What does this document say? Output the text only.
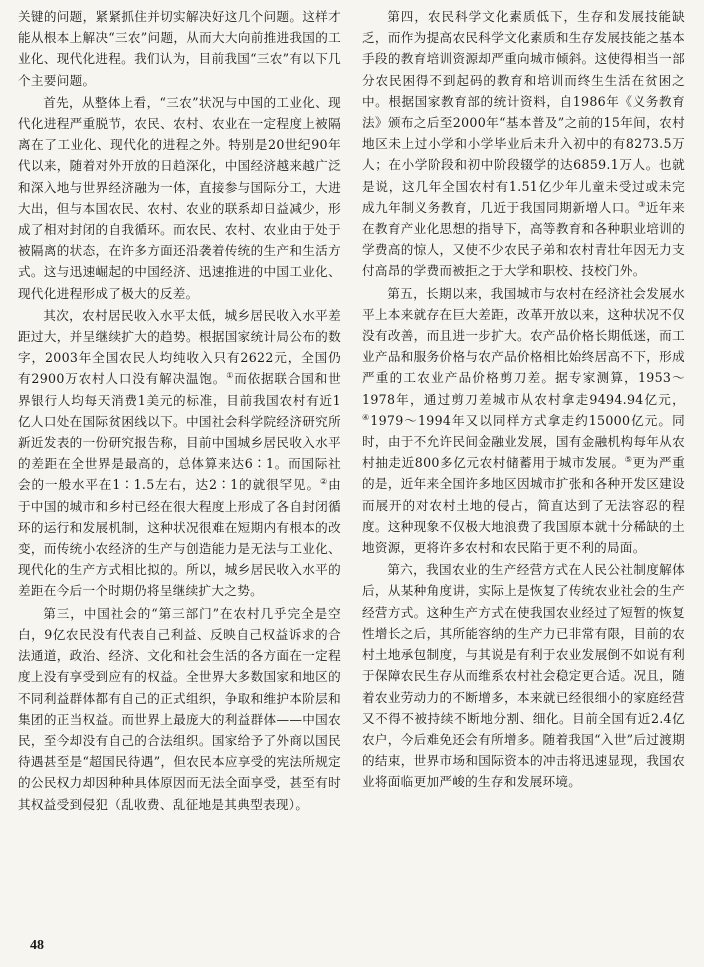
关键的问题，紧紧抓住并切实解决好这几个问题。这样才能从根本上解决“三农”问题，从而大大向前推进我国的工业化、现代化进程。我们认为，目前我国“三农”有以下几个主要问题。

首先，从整体上看，“三农”状况与中国的工业化、现代化进程严重脱节，农民、农村、农业在一定程度上被隔离在了工业化、现代化的进程之外。特别是20世纪90年代以来，随着对外开放的日趋深化，中国经济越来越广泛和深入地与世界经济融为一体，直接参与国际分工，大进大出，但与本国农民、农村、农业的联系却日益减少，形成了相对封闭的自我循环。而农民、农村、农业由于处于被隔离的状态，在许多方面还沿袭着传统的生产和生活方式。这与迅速崛起的中国经济、迅速推进的中国工业化、现代化进程形成了极大的反差。

其次，农村居民收入水平太低，城乡居民收入水平差距过大，并呈继续扩大的趋势。根据国家统计局公布的数字，2003年全国农民人均纯收入只有2622元，全国仍有2900万农村人口没有解决温饱。①而依据联合国和世界银行人均每天消费1美元的标准，目前我国农村有近1亿人口处在国际贫困线以下。中国社会科学院经济研究所新近发表的一份研究报告称，目前中国城乡居民收入水平的差距在全世界是最高的，总体算来达6∶1。而国际社会的一般水平在1∶1.5左右，达2∶1的就很罕见。②由于中国的城市和乡村已经在很大程度上形成了各自封闭循环的运行和发展机制，这种状况很难在短期内有根本的改变，而传统小农经济的生产与创造能力是无法与工业化、现代化的生产方式相比拟的。所以，城乡居民收入水平的差距在今后一个时期仍将呈继续扩大之势。

第三，中国社会的“第三部门”在农村几乎完全是空白，9亿农民没有代表自己利益、反映自己权益诉求的合法通道，政治、经济、文化和社会生活的各方面在一定程度上没有享受到应有的权益。全世界大多数国家和地区的不同利益群体都有自己的正式组织，争取和维护本阶层和集团的正当权益。而世界上最庞大的利益群体——中国农民，至今却没有自己的合法组织。国家给予了外商以国民待遇甚至是“超国民待遇”，但农民本应享受的宪法所规定的公民权力却因种种具体原因而无法全面享受，甚至有时其权益受到侵犯（乱收费、乱征地是其典型表现）。

第四，农民科学文化素质低下，生存和发展技能缺乏，而作为提高农民科学文化素质和生存发展技能之基本手段的教育培训资源却严重向城市倾斜。这使得相当一部分农民困得不到起码的教育和培训而终生生活在贫困之中。根据国家教育部的统计资料，自1986年《义务教育法》颁布之后至2000年“基本普及”之前的15年间，农村地区未上过小学和小学毕业后未升入初中的有8273.5万人；在小学阶段和初中阶段辍学的达6859.1万人。也就是说，这几年全国农村有1.51亿少年儿童未受过或未完成九年制义务教育，几近于我国同期新增人口。③近年来在教育产业化思想的指导下，高等教育和各种职业培训的学费高的惊人，又使不少农民子弟和农村青壮年因无力支付高昂的学费而被拒之于大学和职校、技校门外。

第五，长期以来，我国城市与农村在经济社会发展水平上本来就存在巨大差距，改革开放以来，这种状况不仅没有改善，而且进一步扩大。农产品价格长期低迷，而工业产品和服务价格与农产品价格相比始终居高不下，形成严重的工农业产品价格剪刀差。据专家测算，1953～1978年，通过剪刀差城市从农村拿走9494.94亿元，④1979～1994年又以同样方式拿走约15000亿元。同时，由于不允许民间金融业发展，国有金融机构每年从农村抽走近800多亿元农村储蓄用于城市发展。⑤更为严重的是，近年来全国许多地区因城市扩张和各种开发区建设而展开的对农村土地的侵占，简直达到了无法容忍的程度。这种现象不仅极大地浪费了我国原本就十分稀缺的土地资源，更将许多农村和农民陷于更不利的局面。

第六，我国农业的生产经营方式在人民公社制度解体后，从某种角度讲，实际上是恢复了传统农业社会的生产经营方式。这种生产方式在使我国农业经过了短暂的恢复性增长之后，其所能容纳的生产力已非常有限，目前的农村土地承包制度，与其说是有利于农业发展倒不如说有利于保障农民生存从而维系农村社会稳定更合适。况且，随着农业劳动力的不断增多，本来就已经很细小的家庭经营又不得不被持续不断地分割、细化。目前全国有近2.4亿农户，今后难免还会有所增多。随着我国“入世”后过渡期的结束，世界市场和国际资本的冲击将迅速显现，我国农业将面临更加严峻的生存和发展环境。

48
